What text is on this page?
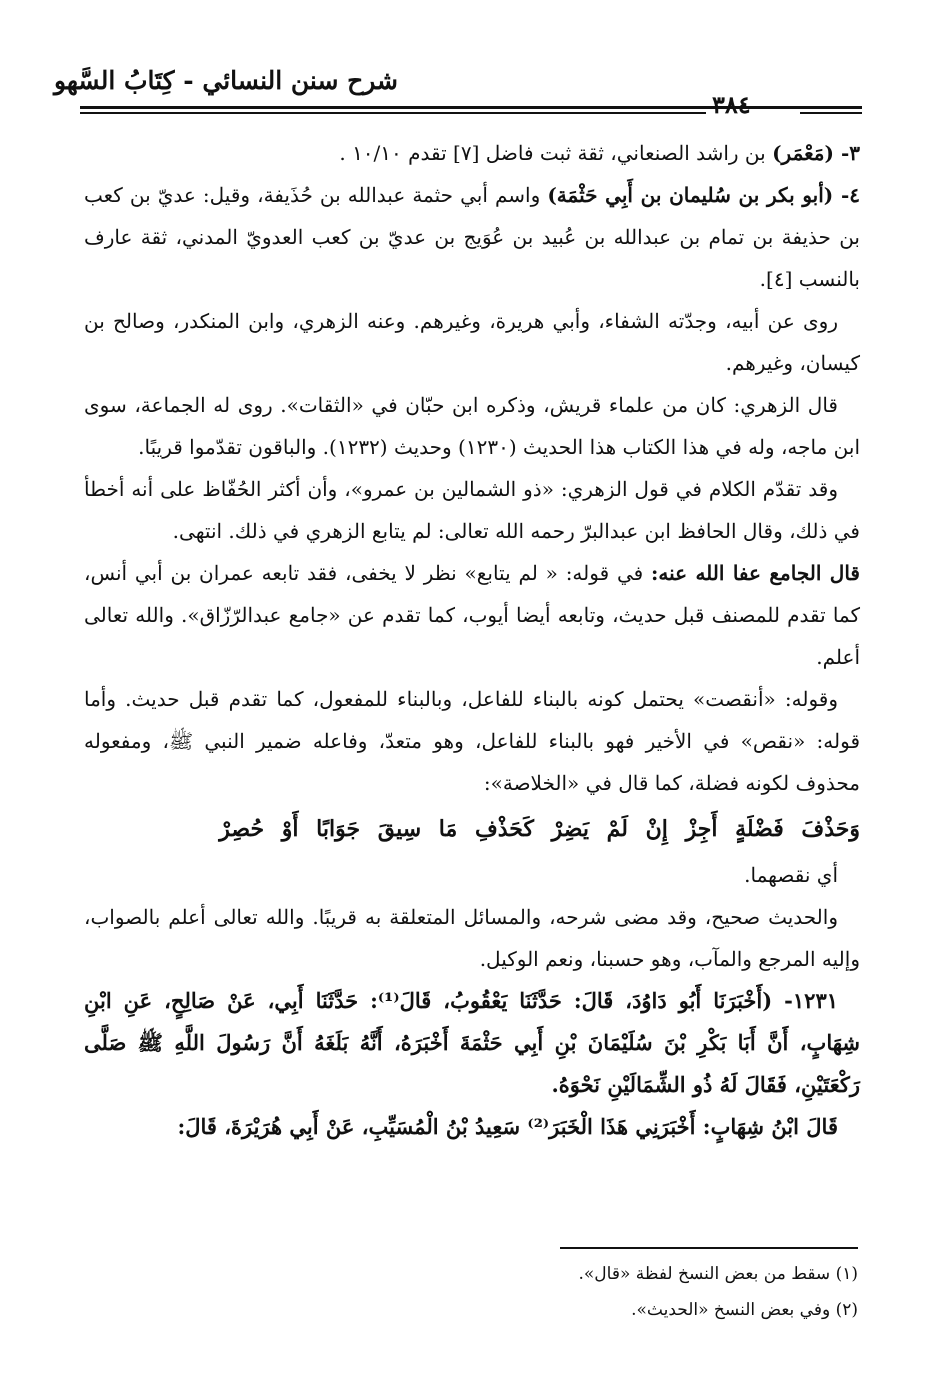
شرح سنن النسائي - كِتَابُ السَّهو
٣٨٤

٣- (مَعْمَر) بن راشد الصنعاني، ثقة ثبت فاضل [٧] تقدم ١٠/١٠ .

٤- (أبو بكر بن سُليمان بن أَبِي حَثْمَة) واسم أبي حثمة عبدالله بن حُذَيفة، وقيل: عديّ بن كعب بن حذيفة بن تمام بن عبدالله بن عُبيد بن عُوَيج بن عديّ بن كعب العدويّ المدني، ثقة عارف بالنسب [٤].

روى عن أبيه، وجدّته الشفاء، وأبي هريرة، وغيرهم. وعنه الزهري، وابن المنكدر، وصالح بن كيسان، وغيرهم.

قال الزهري: كان من علماء قريش، وذكره ابن حبّان في «الثقات». روى له الجماعة، سوى ابن ماجه، وله في هذا الكتاب هذا الحديث (١٢٣٠) وحديث (١٢٣٢). والباقون تقدّموا قريبًا.

وقد تقدّم الكلام في قول الزهري: «ذو الشمالين بن عمرو»، وأن أكثر الحُفّاظ على أنه أخطأ في ذلك، وقال الحافظ ابن عبدالبرّ رحمه الله تعالى: لم يتابع الزهري في ذلك. انتهى.

قال الجامع عفا الله عنه: في قوله: « لم يتابع» نظر لا يخفى، فقد تابعه عمران بن أبي أنس، كما تقدم للمصنف قبل حديث، وتابعه أيضا أيوب، كما تقدم عن «جامع عبدالرّزّاق». والله تعالى أعلم.

وقوله: «أنقصت» يحتمل كونه بالبناء للفاعل، وبالبناء للمفعول، كما تقدم قبل حديث. وأما قوله: «نقص» في الأخير فهو بالبناء للفاعل، وهو متعدّ، وفاعله ضمير النبي ﷺ، ومفعوله محذوف لكونه فضلة، كما قال في «الخلاصة»:

وَحَذْفَ فَضْلَةٍ أَجِزْ إِنْ لَمْ يَضِرْ كَحَذْفِ مَا سِيقَ جَوَابًا أَوْ حُصِرْ

أي نقصهما.

والحديث صحيح، وقد مضى شرحه، والمسائل المتعلقة به قريبًا. والله تعالى أعلم بالصواب، وإليه المرجع والمآب، وهو حسبنا، ونعم الوكيل.

١٢٣١- (أَخْبَرَنَا أَبُو دَاوُدَ، قَالَ: حَدَّثَنَا يَعْقُوبُ، قَالَ⁽¹⁾: حَدَّثَنَا أَبِي، عَنْ صَالِحٍ، عَنِ ابْنِ شِهَابٍ، أَنَّ أَبَا بَكْرِ بْنَ سُلَيْمَانَ بْنِ أَبِي حَثْمَةَ أَخْبَرَهُ، أَنَّهُ بَلَغَهُ أَنَّ رَسُولَ اللَّهِ ﷺ صَلَّى رَكْعَتَيْنِ، فَقَالَ لَهُ ذُو الشِّمَالَيْنِ نَحْوَهُ.

قَالَ ابْنُ شِهَابٍ: أَخْبَرَنِي هَذَا الْخَبَرَ⁽²⁾ سَعِيدُ بْنُ الْمُسَيِّبِ، عَنْ أَبِي هُرَيْرَةَ، قَالَ:

(١) سقط من بعض النسخ لفظة «قال».

(٢) وفي بعض النسخ «الحديث».
